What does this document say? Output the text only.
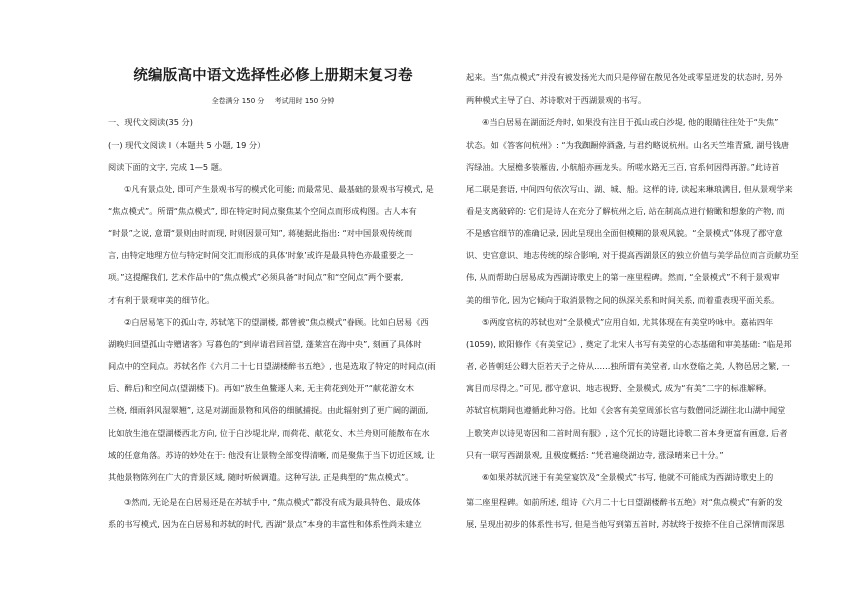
统编版高中语文选择性必修上册期末复习卷
全卷满分 150 分 考试用时 150 分钟
一、现代文阅读(35 分)
(一) 现代文阅读 I（本题共 5 小题, 19 分）
阅读下面的文字, 完成 1—5 题。
①凡有景点处, 即可产生景观书写的模式化可能; 而最常见、最基础的景观书写模式, 是
“焦点模式”。所谓“焦点模式”, 即在特定时间点聚焦某个空间点而形成构图。古人本有
“时景”之说, 意谓“景则由时而现, 时则因景可知”, 蒋驰据此指出: “对中国景观传统而
言, 由特定地理方位与特定时间交汇而形成的具体‘时象’或许是最具特色亦最重要之一
项。”这提醒我们, 艺术作品中的“焦点模式”必须具备“时间点”和“空间点”两个要素,
才有利于景观审美的细节化。
②白居易笔下的孤山寺, 苏轼笔下的望湖楼, 都曾被“焦点模式”眷顾。比如白居易《西
湖晚归回望孤山寺赠诸客》写暮色的“到岸请君回首望, 蓬莱宫在海中央”, 刻画了具体时
间点中的空间点。苏轼名作《六月二十七日望湖楼醉书五绝》, 也是选取了特定的时间点(雨
后、醉后)和空间点(望湖楼下)。再如“放生鱼鳖逐人来, 无主荷花到处开”“献花游女木
兰桡, 细雨斜风湿翠翘”, 这是对湖面景物和风俗的细腻捕捉。由此辐射到了更广阔的湖面,
比如放生池在望湖楼西北方向, 位于白沙堤北岸, 而荷花、献花女、木兰舟则可能散布在水
域的任意角落。苏诗的妙处在于: 他没有让景物全部变得清晰, 而是聚焦于当下切近区域, 让
其他景物陈列在广大的背景区域, 随时听候调遣。这种写法, 正是典型的“焦点模式”。
③然而, 无论是在白居易还是在苏轼手中, “焦点模式”都没有成为最具特色、最成体
系的书写模式, 因为在白居易和苏轼的时代, 西湖“景点”本身的丰富性和体系性尚未建立
起来。当“焦点模式”并没有被发扬光大而只是停留在散见各处或零星迸发的状态时, 另外
两种模式主导了白、苏诗歌对于西湖景观的书写。
④当白居易在湖面泛舟时, 如果没有注目于孤山或白沙堤, 他的眼睛往往处于“失焦”
状态。如《答客问杭州》: “为我踟蹰停酒盏, 与君约略说杭州。山名天竺堆青黛, 湖号钱唐
泻绿油。大屋檐多装雁齿, 小航船亦画龙头。所嗟水路无三百, 官系何因得再游。”此诗首
尾二联是套语, 中间四句依次写山、湖、城、船。这样的诗, 读起来琳琅满目, 但从景观学来
看是支离破碎的: 它们是诗人在充分了解杭州之后, 站在制高点进行俯瞰和想象的产物, 而
不是感官细节的准确记录, 因此呈现出全面但模糊的景观风貌。“全景模式”体现了郡守意
识、史官意识、地志传统的综合影响, 对于提高西湖景区的独立价值与美学品位而言贡献功至
伟, 从而帮助白居易成为西湖诗歌史上的第一座里程碑。然而, “全景模式”不利于景观审
美的细节化, 因为它倾向于取消景物之间的纵深关系和时间关系, 而着重表现平面关系。
⑤两度官杭的苏轼也对“全景模式”应用自如, 尤其体现在有美堂吟咏中。嘉祐四年
(1059), 欧阳修作《有美堂记》, 奠定了北宋人书写有美堂的心态基础和审美基础: “临是邦
者, 必皆朝廷公卿大臣若天子之侍从……独所谓有美堂者, 山水登临之美, 人物邑居之繁, 一
寓目而尽得之。”可见, 郡守意识、地志视野、全景模式, 成为“有美”二字的标准解释。
苏轼官杭期间也遵循此种习俗。比如《会客有美堂周邠长官与数僧同泛湖往北山湖中闻堂
上歌笑声以诗见寄因和二首时周有服》, 这个冗长的诗题比诗歌二首本身更富有画意, 后者
只有一联写西湖景观, 且极度概括: “凭君遍绕湖边寺, 涨渌晴来已十分。”
⑥如果苏轼沉迷于有美堂宴饮及“全景模式”书写, 他就不可能成为西湖诗歌史上的
第二座里程碑。如前所述, 组诗《六月二十七日望湖楼醉书五绝》对“焦点模式”有新的发
展, 呈现出初步的体系性书写, 但是当他写到第五首时, 苏轼终于按捺不住自己深情而深思
